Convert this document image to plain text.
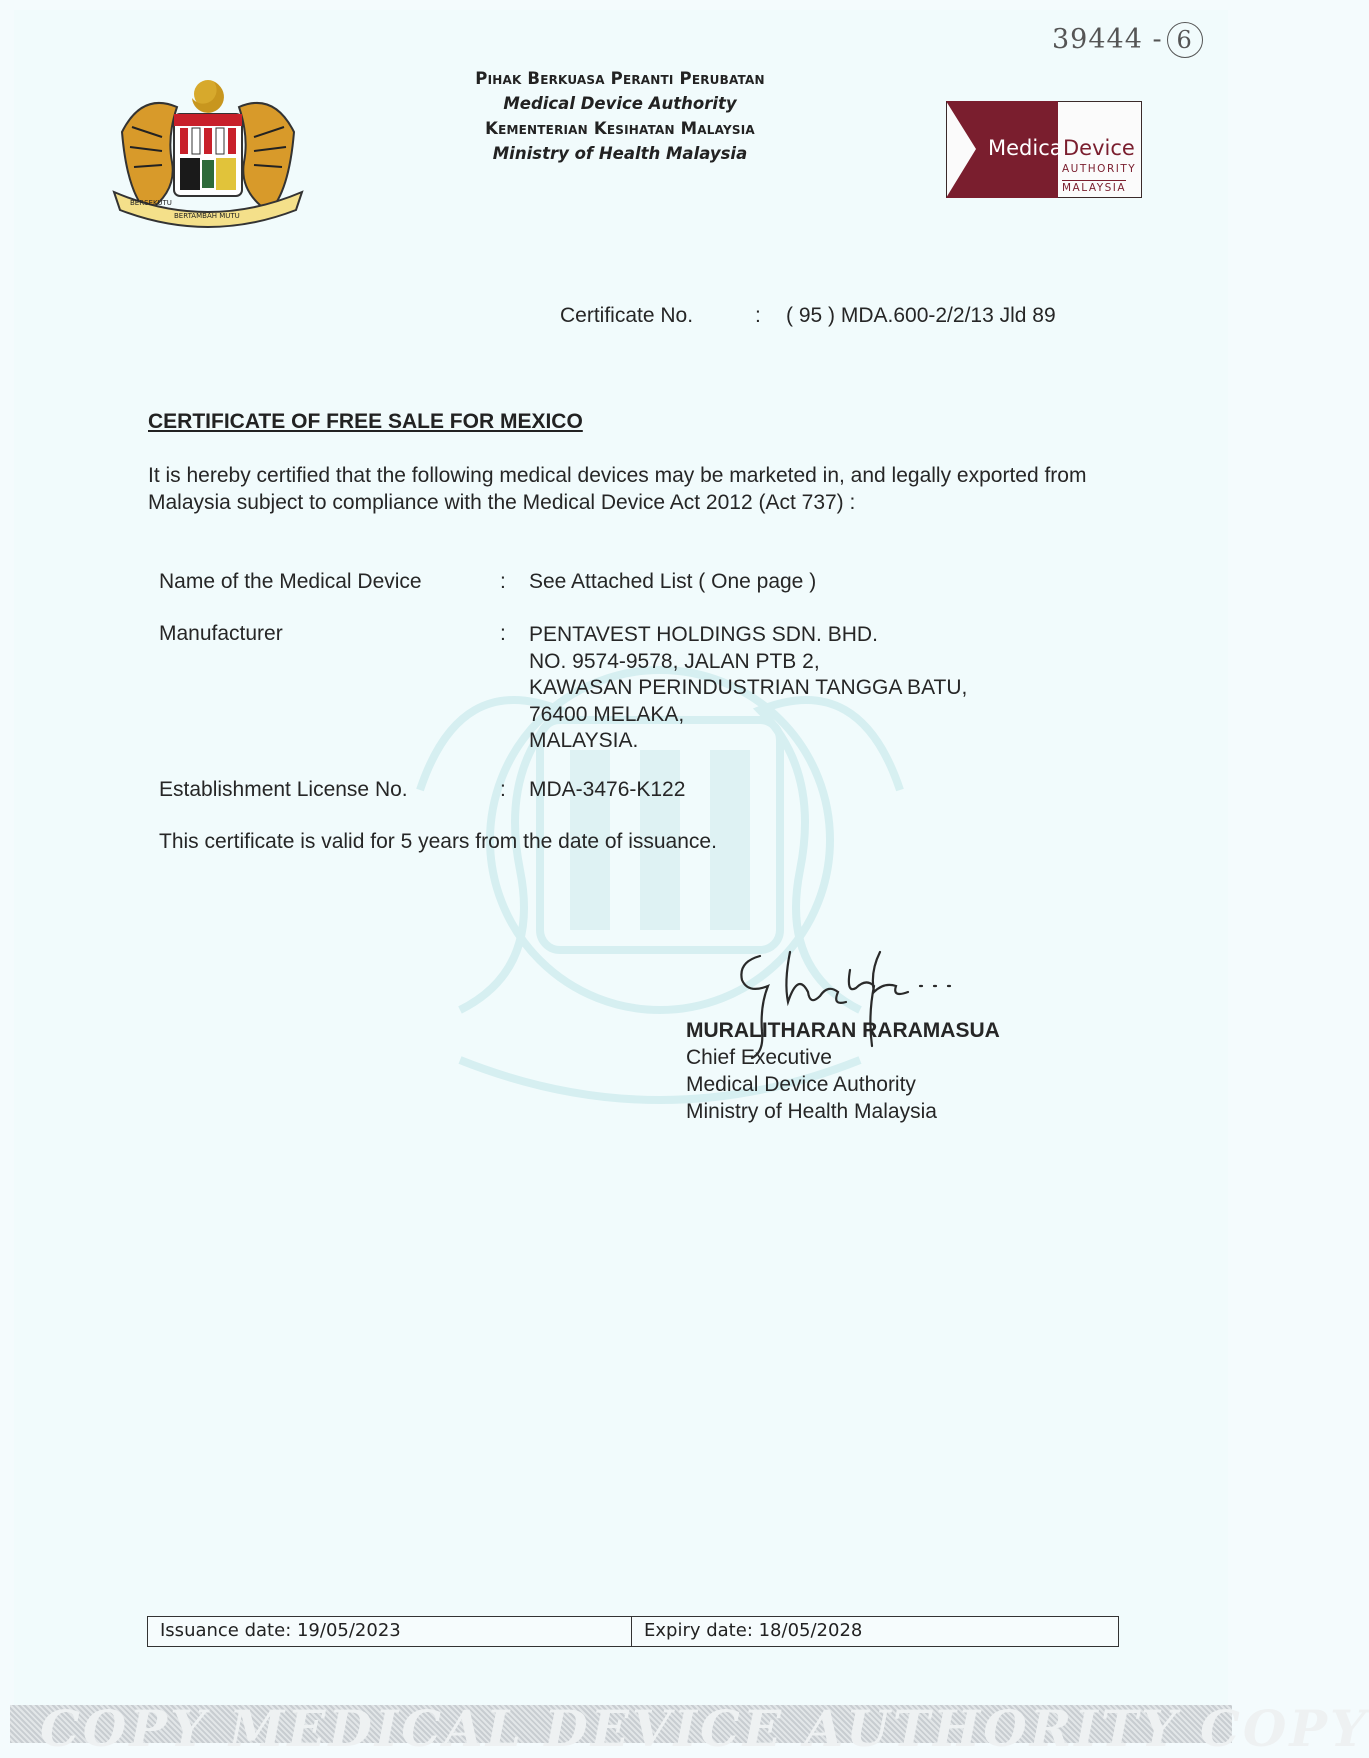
BERSEKUTU
BERTAMBAH MUTU
Pihak Berkuasa Peranti Perubatan
Medical Device Authority
Kementerian Kesihatan Malaysia
Ministry of Health Malaysia	Medical
Device
AUTHORITY
MALAYSIA
39444 - 6
Certificate No.	: ( 95 ) MDA.600-2/2/13 Jld 89
CERTIFICATE OF FREE SALE FOR MEXICO
It is hereby certified that the following medical devices may be marketed in, and legally exported from Malaysia subject to compliance with the Medical Device Act 2012 (Act 737) :
Name of the Medical Device	: See Attached List ( One page )
Manufacturer	: PENTAVEST HOLDINGS SDN. BHD.
NO. 9574-9578, JALAN PTB 2,
KAWASAN PERINDUSTRIAN TANGGA BATU,
76400 MELAKA,
MALAYSIA.
Establishment License No.	: MDA-3476-K122
This certificate is valid for 5 years from the date of issuance.
MURALITHARAN RARAMASUA
Chief Executive
Medical Device Authority
Ministry of Health Malaysia
Issuance date: 19/05/2023	Expiry date: 18/05/2028
COPY MEDICAL DEVICE AUTHORITY COPY
